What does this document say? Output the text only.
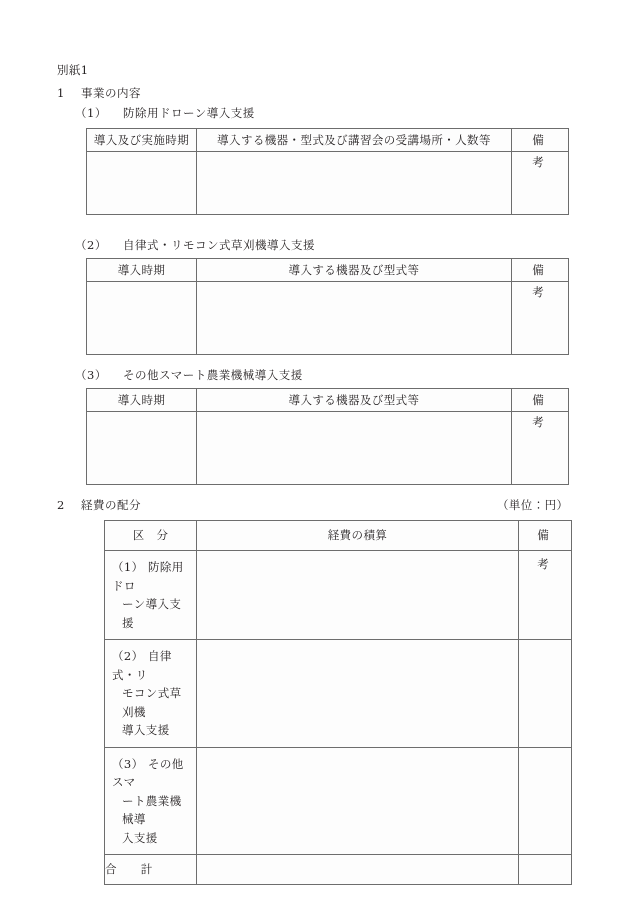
別紙1
1 事業の内容
（1） 防除用ドローン導入支援
導入及び実施時期	導入する機器・型式及び講習会の受講場所・人数等	備　考

（2） 自律式・リモコン式草刈機導入支援
導入時期	導入する機器及び型式等	備　考

（3） その他スマート農業機械導入支援
導入時期	導入する機器及び型式等	備　考

2 経費の配分	（単位：円）
区　分	経費の積算	備　考

（1） 防除用ドロ
ーン導入支援		

（2） 自律式・リ
モコン式草刈機
導入支援		

（3） その他スマ
ート農業機械導
入支援		

合　　計		
